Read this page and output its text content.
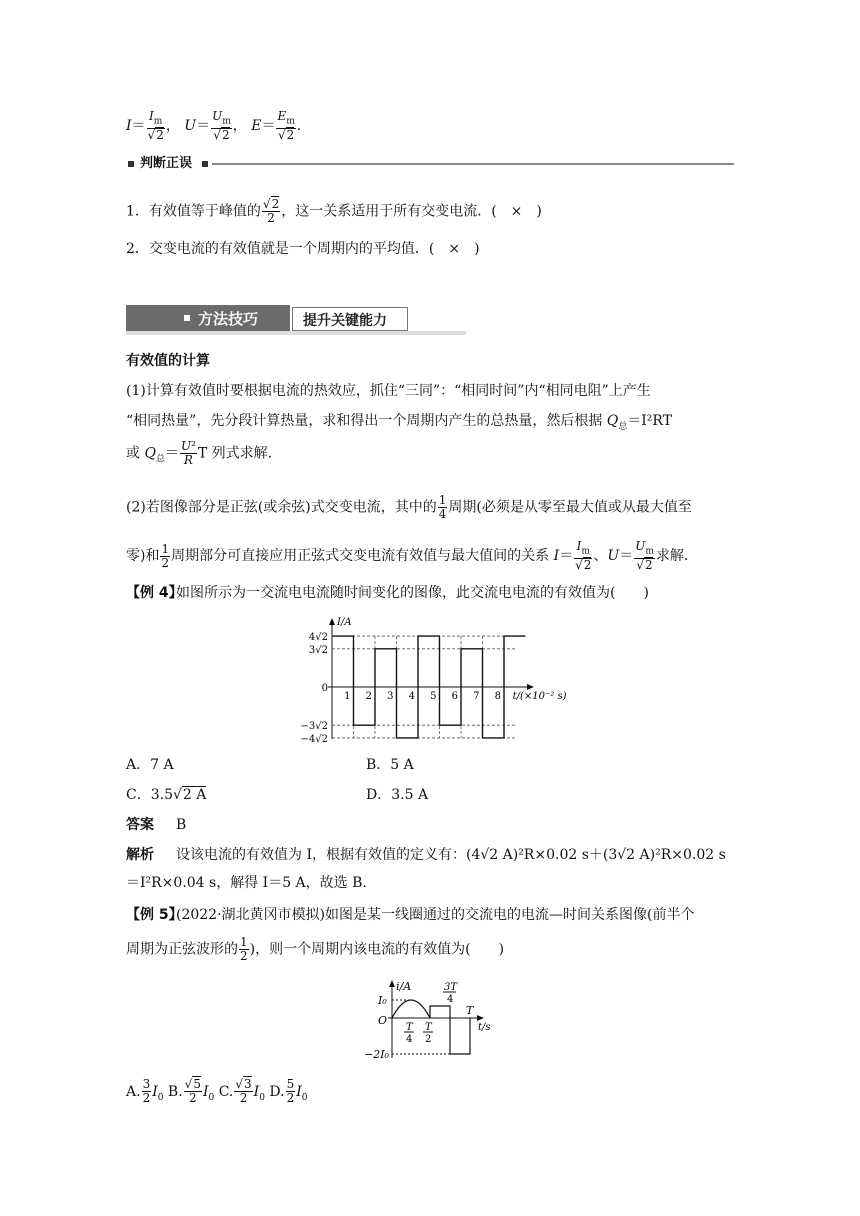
$I= \frac{I_m}{√2}$ ， $U= \frac{U_m}{√2}$ ， $E= \frac{E_m}{√2}$ .
判断正误
1．有效值等于峰值的 $\frac{√2}{2}$ ，这一关系适用于所有交变电流．(　×　)
2．交变电流的有效值就是一个周期内的平均值．(　×　)
方法技巧	提升关键能力
有效值的计算
(1)计算有效值时要根据电流的热效应，抓住“三同”：“相同时间”内“相同电阻”上产生
“相同热量”，先分段计算热量，求和得出一个周期内产生的总热量，然后根据 $Q_总=I^2RT$
或 $Q_总= \frac{\text{U²}}{R}$ T 列式求解．
(2)若图像部分是正弦(或余弦)式交变电流，其中的 $\frac{1}{4}$ 周期(必须是从零至最大值或从最大值至
零)和 $\frac{1}{2}$ 周期部分可直接应用正弦式交变电流有效值与最大值间的关系 $I= \frac{I_m}{√2}$ 、$U= \frac{U_m}{√2}$ 求解．
【例 4】
如图所示为一交流电电流随时间变化的图像，此交流电电流的有效值为(　　)
4√2
3√2
0
−3√2
−4√2
1 2 3 4 5 6 7 8
I/A
t/(×10⁻² s)
A．7 A	B．5 A
C．3.5√2 A	D．3.5 A
答案 B
解析 设该电流的有效值为 I，根据有效值的定义有：(4√2 A)²R×0.02 s＋(3√2 A)²R×0.02 s
＝I²R×0.04 s，解得 I＝5 A，故选 B.
【例 5】
(2022·湖北黄冈市模拟)如图是某一线圈通过的交流电的电流—时间关系图像(前半个
周期为正弦波形的 $\frac{1}{2}$ )，则一个周期内该电流的有效值为(　　)
i/A
I₀
O
−2I₀
T
4
T
2
3T
4
T
t/s
A. $\frac{3}{2} I_0$ B. $\frac{√5}{2} I_0$ C. $\frac{√3}{2} I_0$ D. $\frac{5}{2} I_0$
